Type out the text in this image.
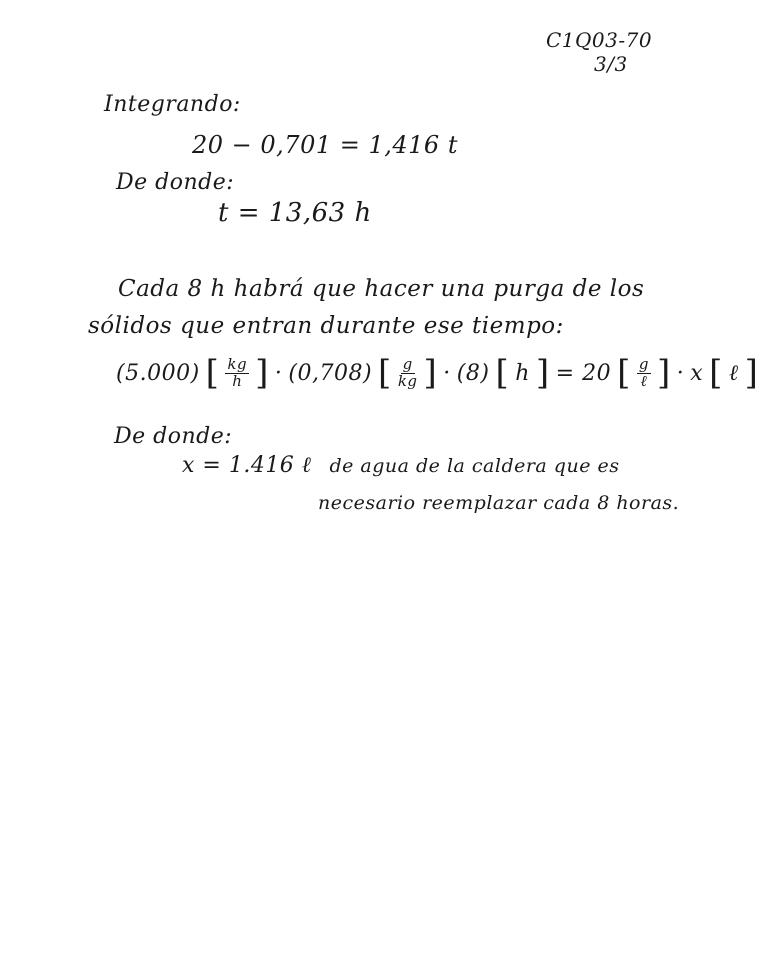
C1Q03-70
3/3
Integrando:
20 − 0,701 = 1,416 t
De donde:
t = 13,63 h
Cada 8 h habrá que hacer una purga de los
sólidos que entran durante ese tiempo:
(5.000) [ $\frac{kg}{h}$ ] · (0,708) [ $\frac{g}{kg}$ ] · (8) [ h ] = 20 [ $\frac{g}{\text{ℓ}}$ ] · x [ ℓ ]
De donde:
x = 1.416 ℓ de agua de la caldera que es
necesario reemplazar cada 8 horas.
